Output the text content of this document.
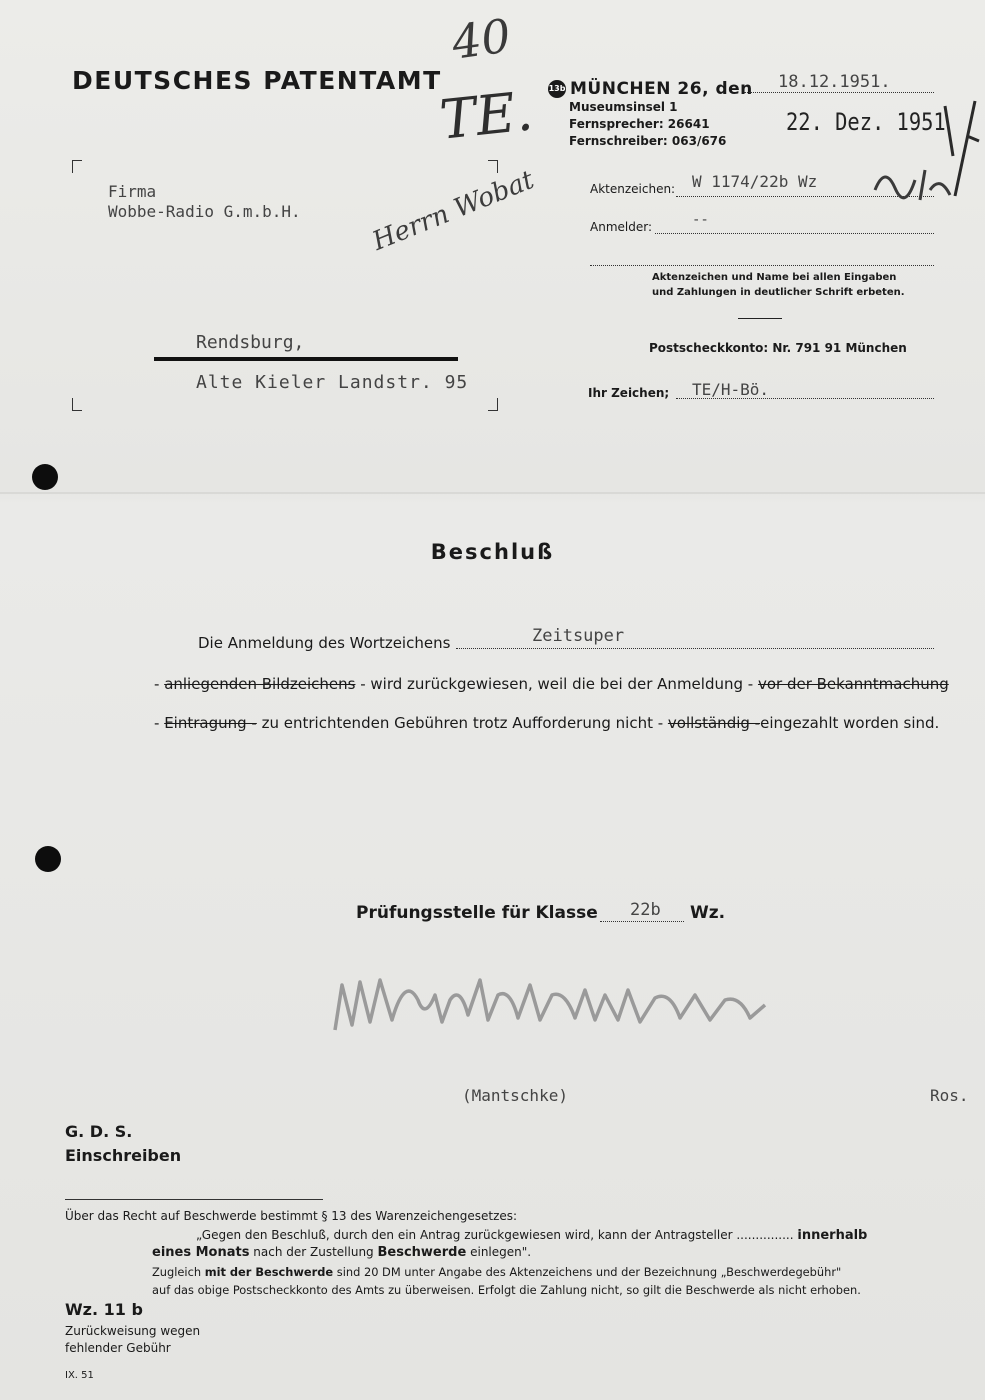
DEUTSCHES PATENTAMT
40
TE. 13b MÜNCHEN 26, den 18.12.1951.
Museumsinsel 1
Fernsprecher: 26641
Fernschreiber: 063/676
22. Dez. 1951
Firma
Wobbe-Radio G.m.b.H.	Herrn Wobat
Rendsburg,
Alte Kieler Landstr. 95
Aktenzeichen: W 1174/22b Wz
Anmelder:	--
Aktenzeichen und Name bei allen Eingaben
und Zahlungen in deutlicher Schrift erbeten.
Postscheckkonto: Nr. 791 91 München
Ihr Zeichen; TE/H-Bö.
Beschluß
Die Anmeldung des Wortzeichens	Zeitsuper
- anliegenden Bildzeichens - wird zurückgewiesen, weil die bei der Anmeldung - vor der Bekanntmachung
- Eintragung - zu entrichtenden Gebühren trotz Aufforderung nicht - vollständig -eingezahlt worden sind.
Prüfungsstelle für Klasse 22b Wz.
(Mantschke)	Ros.
G. D. S.
Einschreiben
Über das Recht auf Beschwerde bestimmt § 13 des Warenzeichengesetzes:
„Gegen den Beschluß, durch den ein Antrag zurückgewiesen wird, kann der Antragsteller ............... innerhalb
eines Monats nach der Zustellung Beschwerde einlegen".
Zugleich mit der Beschwerde sind 20 DM unter Angabe des Aktenzeichens und der Bezeichnung „Beschwerdegebühr"
auf das obige Postscheckkonto des Amts zu überweisen. Erfolgt die Zahlung nicht, so gilt die Beschwerde als nicht erhoben.
Wz. 11 b
Zurückweisung wegen
fehlender Gebühr
IX. 51
